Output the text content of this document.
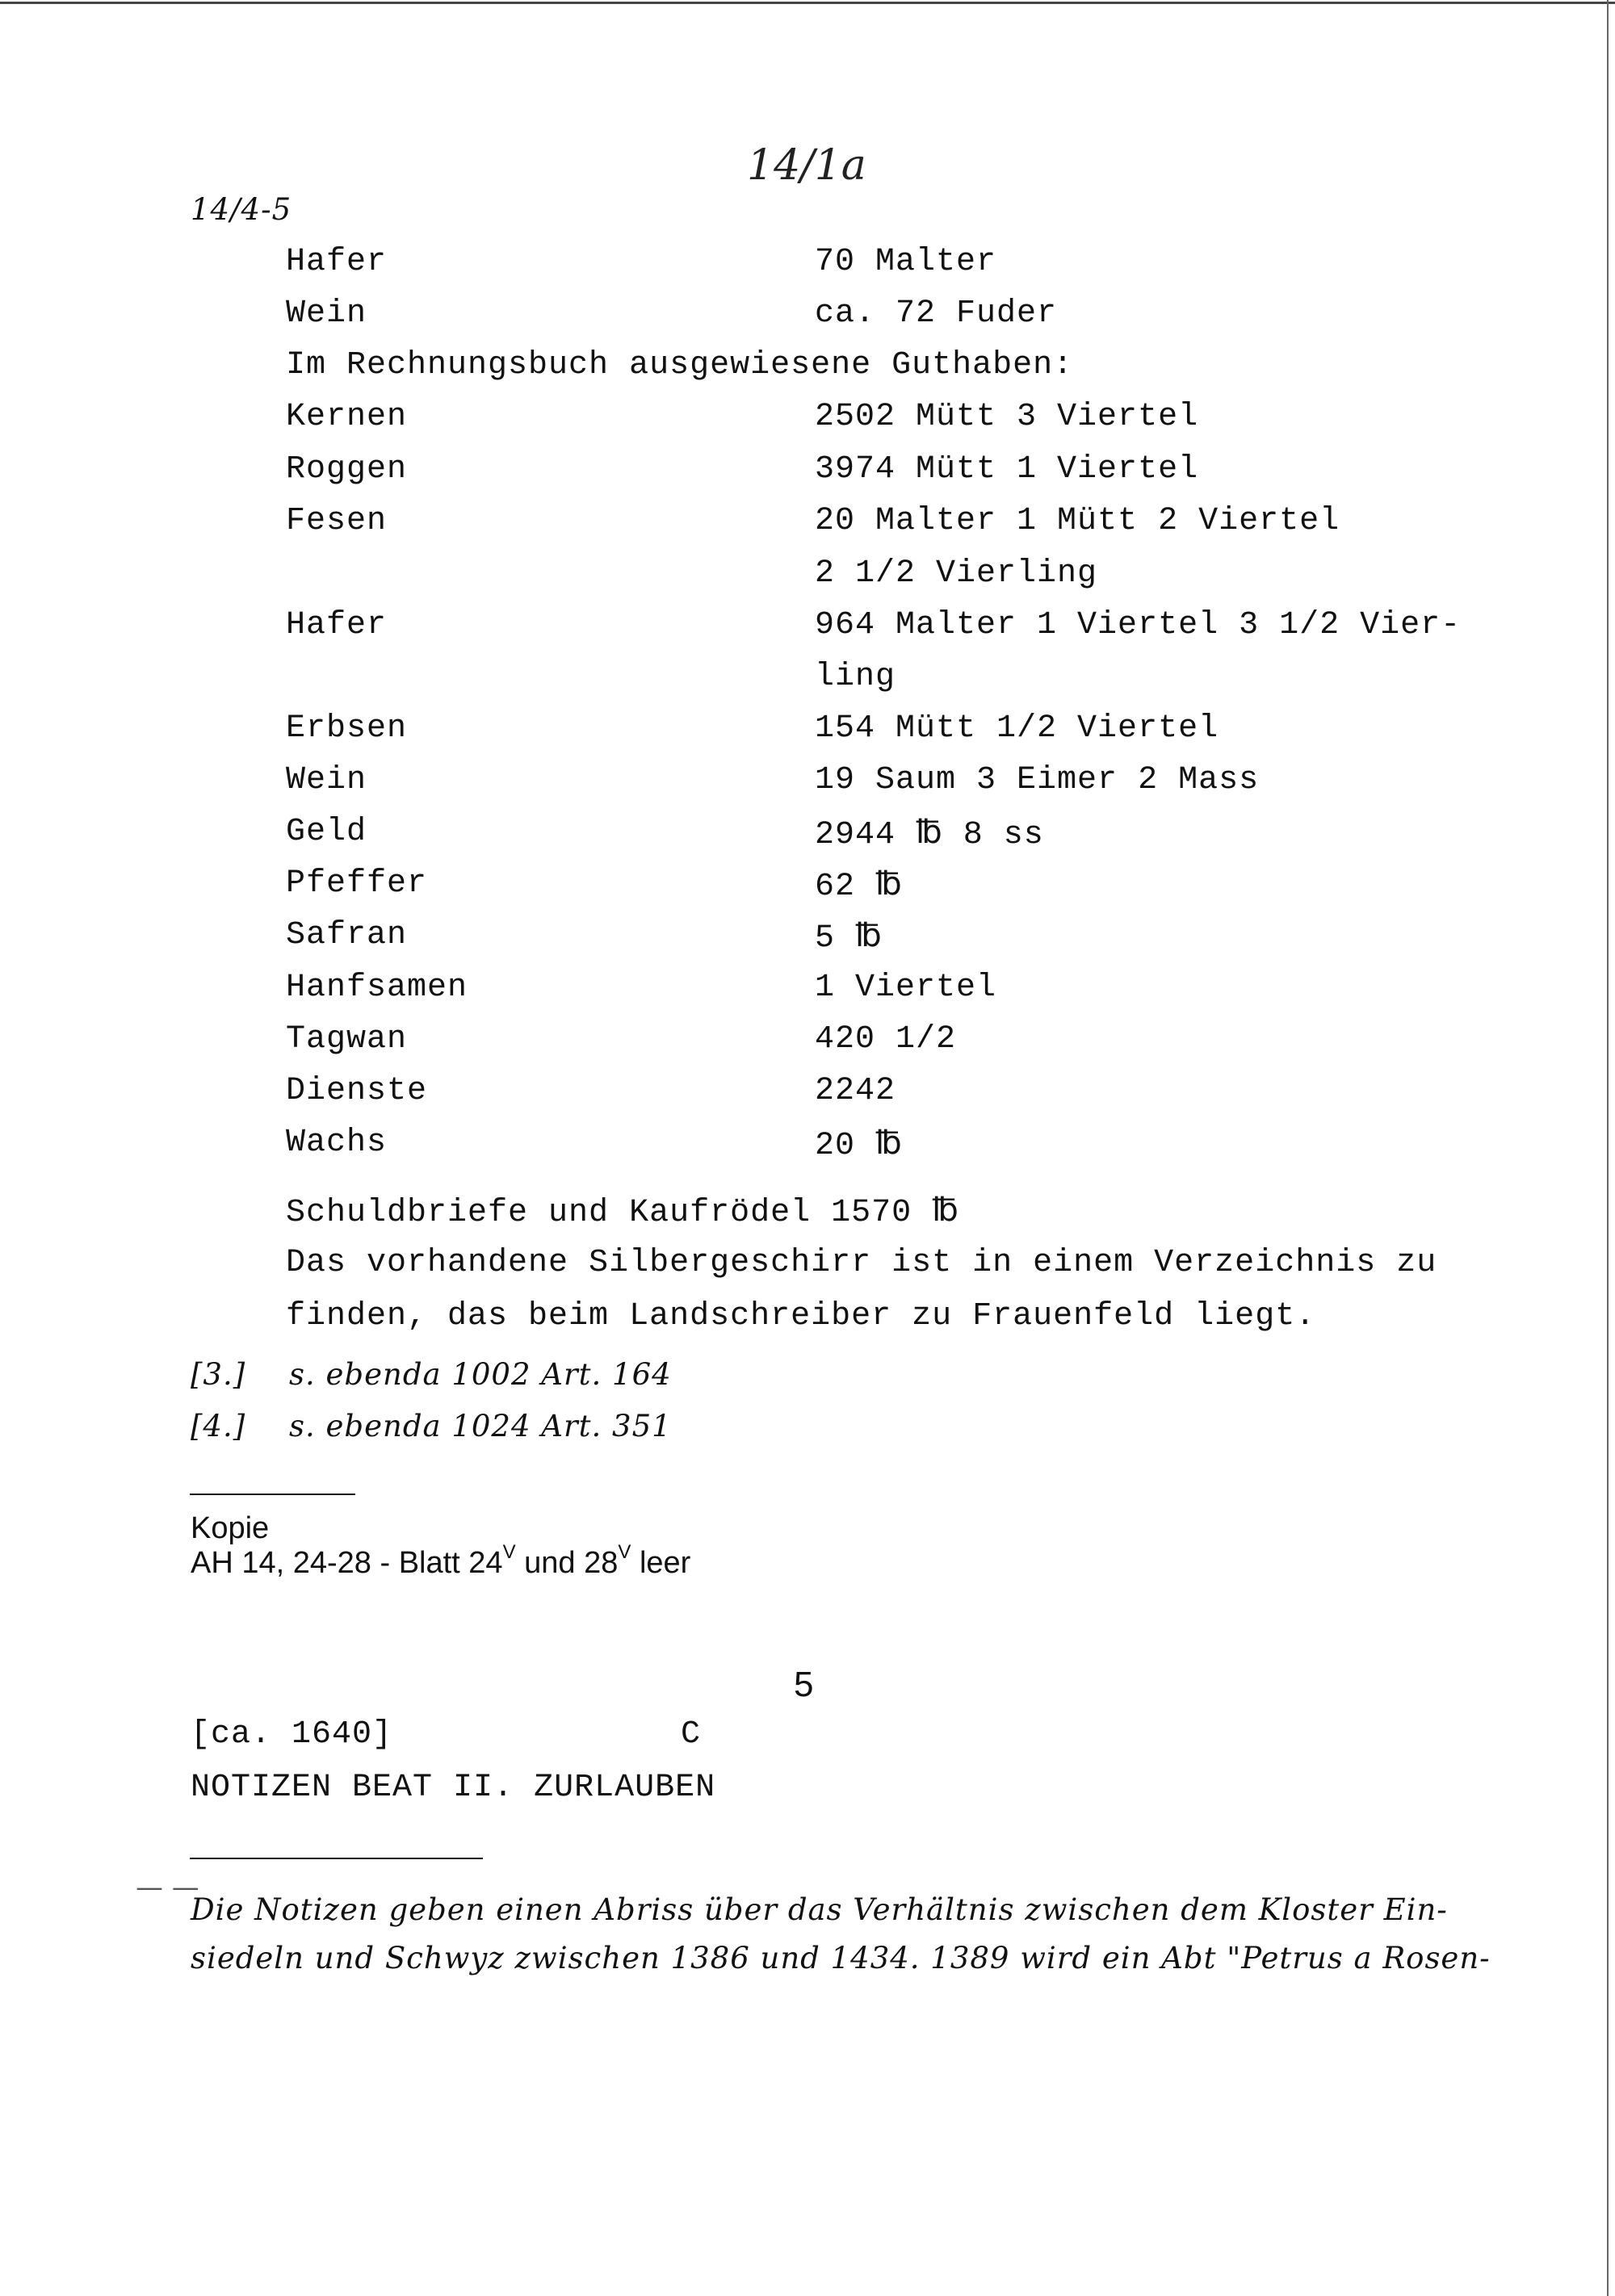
14/1a
14/4-5
Hafer	70 Malter
Wein	ca. 72 Fuder
Im Rechnungsbuch ausgewiesene Guthaben:
Kernen	2502 Mütt 3 Viertel
Roggen	3974 Mütt 1 Viertel
Fesen	20 Malter 1 Mütt 2 Viertel
2 1/2 Vierling
Hafer	964 Malter 1 Viertel 3 1/2 Vier-
ling
Erbsen	154 Mütt 1/2 Viertel
Wein	19 Saum 3 Eimer 2 Mass
Geld	2944 ℔ 8 ss
Pfeffer	62 ℔
Safran	5 ℔
Hanfsamen	1 Viertel
Tagwan	420 1/2
Dienste	2242
Wachs	20 ℔
Schuldbriefe und Kaufrödel 1570 ℔
Das vorhandene Silbergeschirr ist in einem Verzeichnis zu
finden, das beim Landschreiber zu Frauenfeld liegt.
[3.] s. ebenda 1002 Art. 164
[4.] s. ebenda 1024 Art. 351
Kopie
AH 14, 24-28 - Blatt $24^V$ und $28^V$ leer
5
[ca. 1640]	C
NOTIZEN BEAT II. ZURLAUBEN
— —
Die Notizen geben einen Abriss über das Verhältnis zwischen dem Kloster Ein-
siedeln und Schwyz zwischen 1386 und 1434. 1389 wird ein Abt "Petrus a Rosen-
